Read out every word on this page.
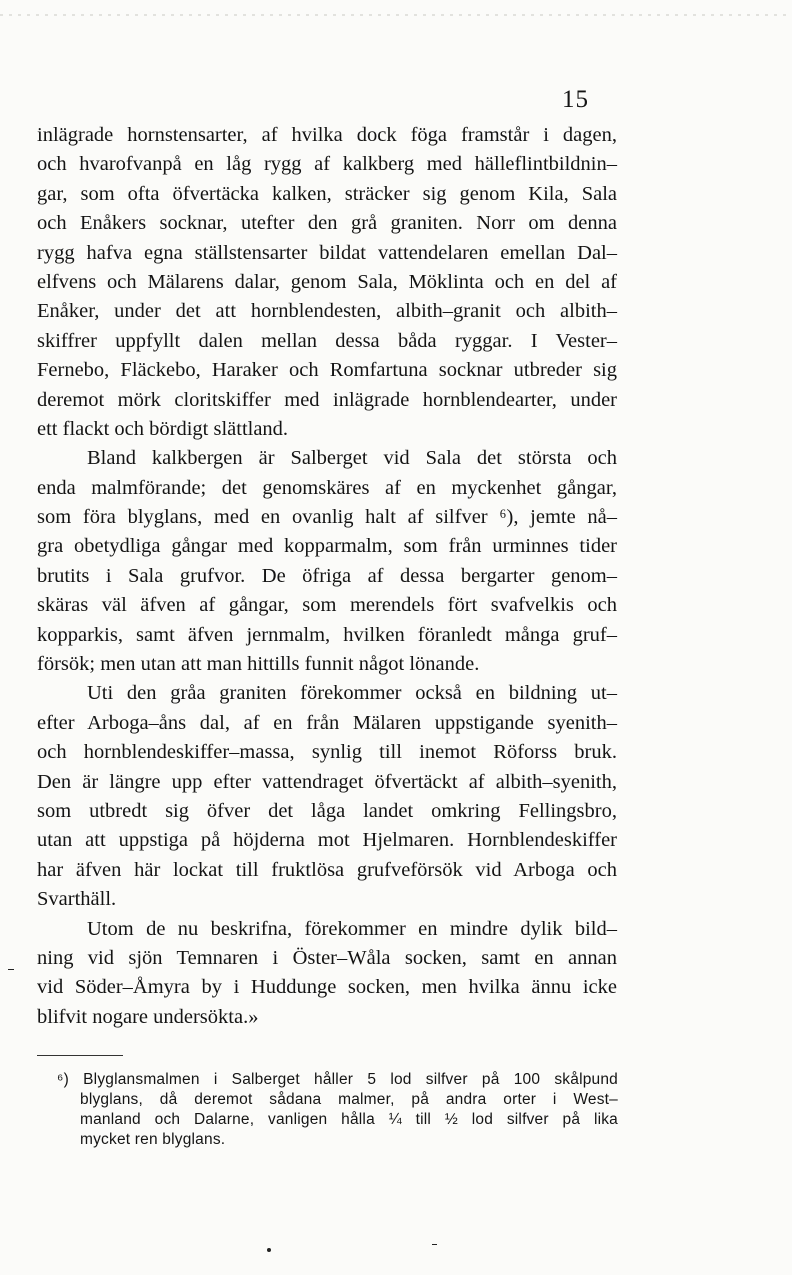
15
inlägrade hornstensarter, af hvilka dock föga framstår i dagen,
och hvarofvanpå en låg rygg af kalkberg med hälleflintbildnin–
gar, som ofta öfvertäcka kalken, sträcker sig genom Kila, Sala
och Enåkers socknar, utefter den grå graniten. Norr om denna
rygg hafva egna ställstensarter bildat vattendelaren emellan Dal–
elfvens och Mälarens dalar, genom Sala, Möklinta och en del af
Enåker, under det att hornblendesten, albith–granit och albith–
skiffrer uppfyllt dalen mellan dessa båda ryggar. I Vester–
Fernebo, Fläckebo, Haraker och Romfartuna socknar utbreder sig
deremot mörk cloritskiffer med inlägrade hornblendearter, under
ett flackt och bördigt slättland.
Bland kalkbergen är Salberget vid Sala det största och
enda malmförande; det genomskäres af en myckenhet gångar,
som föra blyglans, med en ovanlig halt af silfver ⁶), jemte nå–
gra obetydliga gångar med kopparmalm, som från urminnes tider
brutits i Sala grufvor. De öfriga af dessa bergarter genom–
skäras väl äfven af gångar, som merendels fört svafvelkis och
kopparkis, samt äfven jernmalm, hvilken föranledt många gruf–
försök; men utan att man hittills funnit något lönande.
Uti den gråa graniten förekommer också en bildning ut–
efter Arboga–åns dal, af en från Mälaren uppstigande syenith–
och hornblendeskiffer–massa, synlig till inemot Röforss bruk.
Den är längre upp efter vattendraget öfvertäckt af albith–syenith,
som utbredt sig öfver det låga landet omkring Fellingsbro,
utan att uppstiga på höjderna mot Hjelmaren. Hornblendeskiffer
har äfven här lockat till fruktlösa grufveförsök vid Arboga och
Svarthäll.
Utom de nu beskrifna, förekommer en mindre dylik bild–
ning vid sjön Temnaren i Öster–Wåla socken, samt en annan
vid Söder–Åmyra by i Huddunge socken, men hvilka ännu icke
blifvit nogare undersökta.»
⁶) Blyglansmalmen i Salberget håller 5 lod silfver på 100 skålpund
blyglans, då deremot sådana malmer, på andra orter i West–
manland och Dalarne, vanligen hålla ¼ till ½ lod silfver på lika
mycket ren blyglans.
